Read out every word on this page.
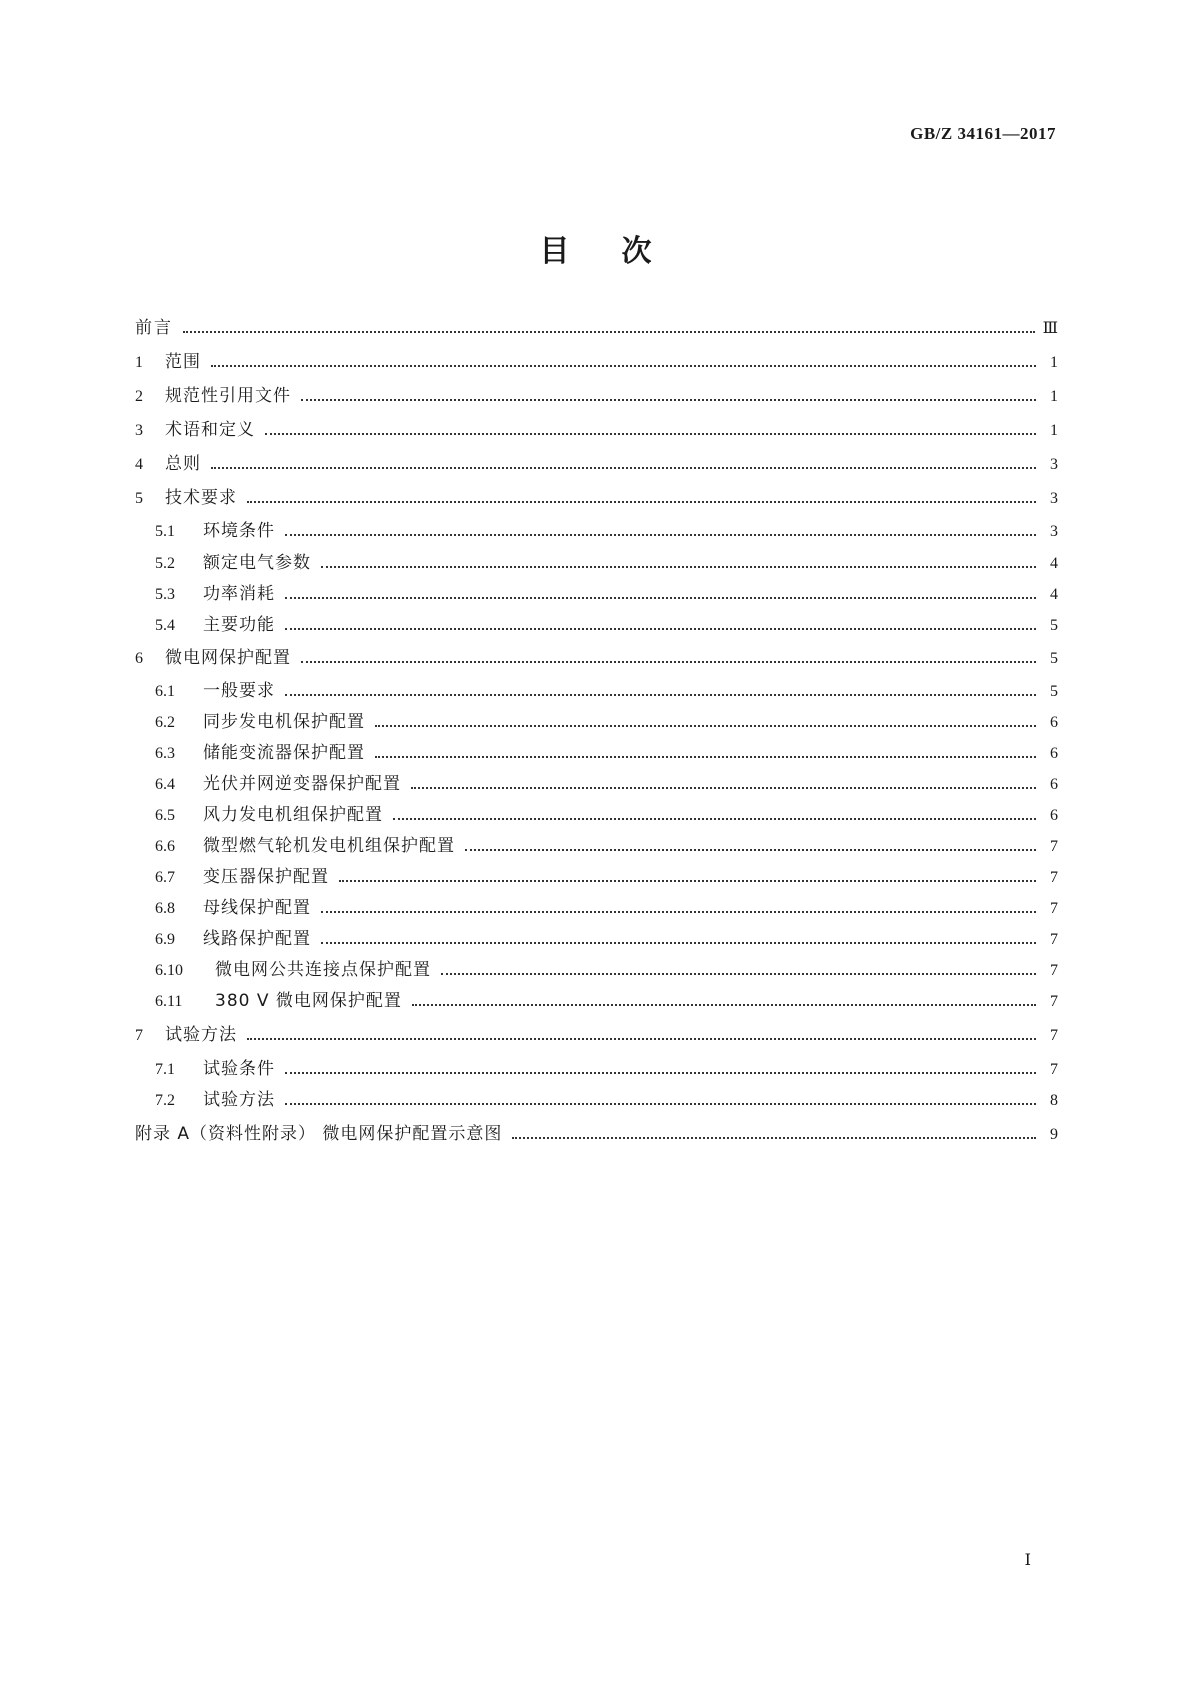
GB/Z 34161—2017
目次
前言	Ⅲ
1	范围	1
2	规范性引用文件	1
3	术语和定义	1
4	总则	3
5	技术要求	3
5.1	环境条件	3
5.2	额定电气参数	4
5.3	功率消耗	4
5.4	主要功能	5
6	微电网保护配置	5
6.1	一般要求	5
6.2	同步发电机保护配置	6
6.3	储能变流器保护配置	6
6.4	光伏并网逆变器保护配置	6
6.5	风力发电机组保护配置	6
6.6	微型燃气轮机发电机组保护配置	7
6.7	变压器保护配置	7
6.8	母线保护配置	7
6.9	线路保护配置	7
6.10	微电网公共连接点保护配置	7
6.11	380 V 微电网保护配置	7
7	试验方法	7
7.1	试验条件	7
7.2	试验方法	8
附录 A（资料性附录） 微电网保护配置示意图	9
Ⅰ
